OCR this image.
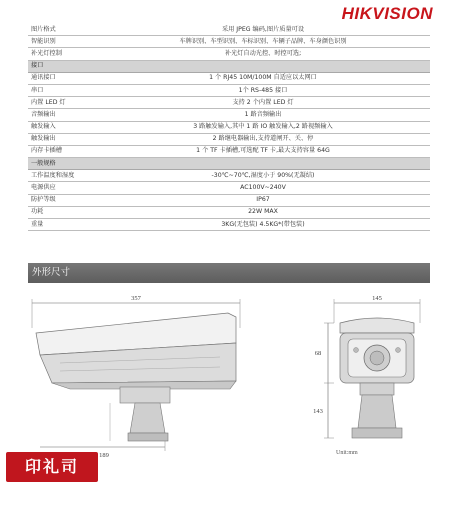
HIKVISION
图片格式	采用 JPEG 编码,图片质量可设
智能识别	车牌识别、车型识别、车标识别、车辆子品牌、车身颜色识别
补光灯控制	补光灯自动光控、时控可选;
接口	
通讯接口	1 个 RJ45 10M/100M 自适应以太网口
串口	1个 RS-485 接口
内置 LED 灯	支持 2 个内置 LED 灯
音频输出	1 路音频输出
触发输入	3 路触发输入,其中 1 路 IO 触发输入,2 路视频输入
触发输出	2 路继电器输出,支持道闸开、关、停
内存卡插槽	1 个 TF 卡插槽,可选配 TF 卡,最大支持容量 64G
一般规格	
工作温度和湿度	-30℃~70℃,湿度小于 90%(无凝结)
电源供应	AC100V~240V
防护等级	IP67
功耗	22W MAX
重量	3KG(无包装) 4.5KG*(带包装)
外形尺寸
357
189
145
68
143
印礼司
Unit:mm
